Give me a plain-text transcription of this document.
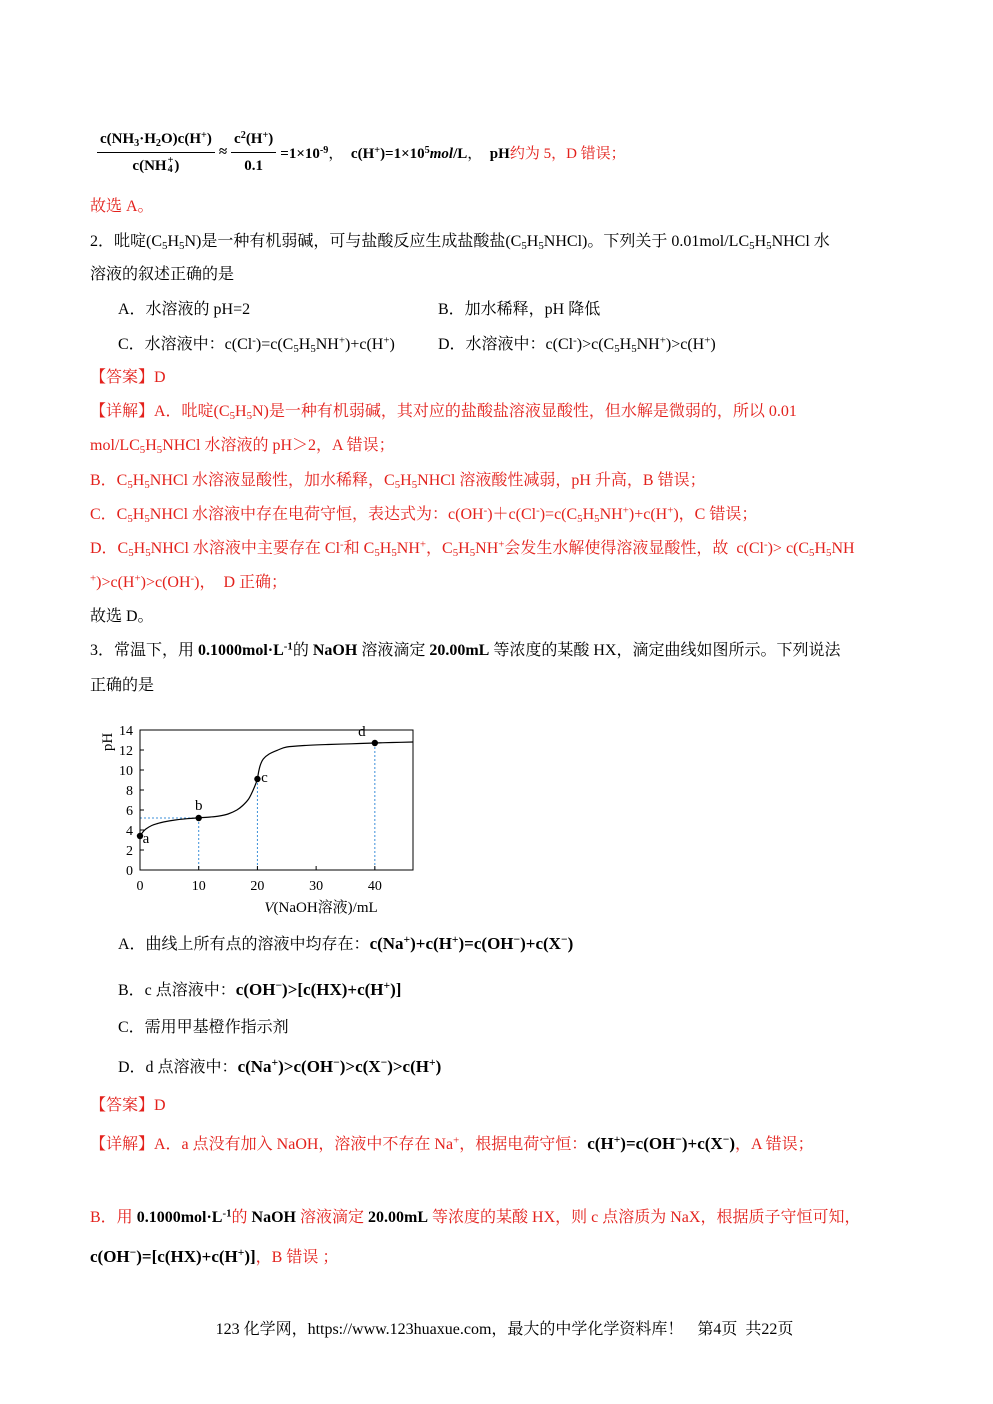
$c(NH_3\cdot H_2O)c(H^+)$
c(NH +
4 ) ≈ $\frac{c^2(H^+)}{0.1} =1\times 10^{-9}$，  $c(H^+)=1\times 10^5mol/L$，  pH约为 5，D 错误；
故选 A。
2．吡啶$(C_5H_5N)$是一种有机弱碱，可与盐酸反应生成盐酸盐$(C_5H_5NHCl)$。下列关于 $0.01mol/LC_5H_5NHCl$ 水
溶液的叙述正确的是
A．水溶液的 pH=2	B．加水稀释，pH 降低
C．水溶液中：$c(Cl^-)=c(C_5H_5NH^+)+c(H^+)$	D．水溶液中：$c(Cl^-)>c(C_5H_5NH^+)>c(H^+)$
【答案】D
【详解】A．吡啶$(C_5H_5N)$是一种有机弱碱，其对应的盐酸盐溶液显酸性，但水解是微弱的，所以 0.01
mol/$LC_5H_5NHCl$ 水溶液的 pH＞2，A 错误；
B．$C_5H_5NHCl$ 水溶液显酸性，加水稀释，$C_5H_5NHCl$ 溶液酸性减弱，pH 升高，B 错误；
C．$C_5H_5NHCl$ 水溶液中存在电荷守恒，表达式为：$c(OH^-)+c(Cl^-)=c(C_5H_5NH^+)+c(H^+)$，C 错误；
D．$C_5H_5NHCl$ 水溶液中主要存在 Cl-和 $C_5H_5NH^+$，$C_5H_5NH^+$会发生水解使得溶液显酸性，故  $c(Cl^-)> c(C_5H_5NH$
+)>c(H+)>c(OH-)，  D 正确；
故选 D。
3．常温下，用 $0.1000mol\cdot L^{-1}$的 NaOH 溶液滴定 20.00mL 等浓度的某酸 HX，滴定曲线如图所示。下列说法
正确的是
0
2
4
6
8
10
12
14
0	10	20	30	40
a
b
c
d
pH
V(NaOH溶液)/mL
A．曲线上所有点的溶液中均存在：c(Na+)+c(H+)=c(OH−)+c(X−)
B．c 点溶液中：c(OH−)>[c(HX)+c(H+)]
C．需用甲基橙作指示剂
D．d 点溶液中：c(Na+)>c(OH−)>c(X−)>c(H+)
【答案】D
【详解】A．a 点没有加入 NaOH，溶液中不存在 Na+，根据电荷守恒：c(H+)=c(OH−)+c(X−)，A 错误；
B．用 $0.1000mol\cdot L^{-1}$的 NaOH 溶液滴定 20.00mL 等浓度的某酸 HX，则 c 点溶质为 NaX，根据质子守恒可知，
c(OH−)=[c(HX)+c(H+)]，B 错误 ；

123 化学网，https://www.123huaxue.com，最大的中学化学资料库！ 第4页  共22页
